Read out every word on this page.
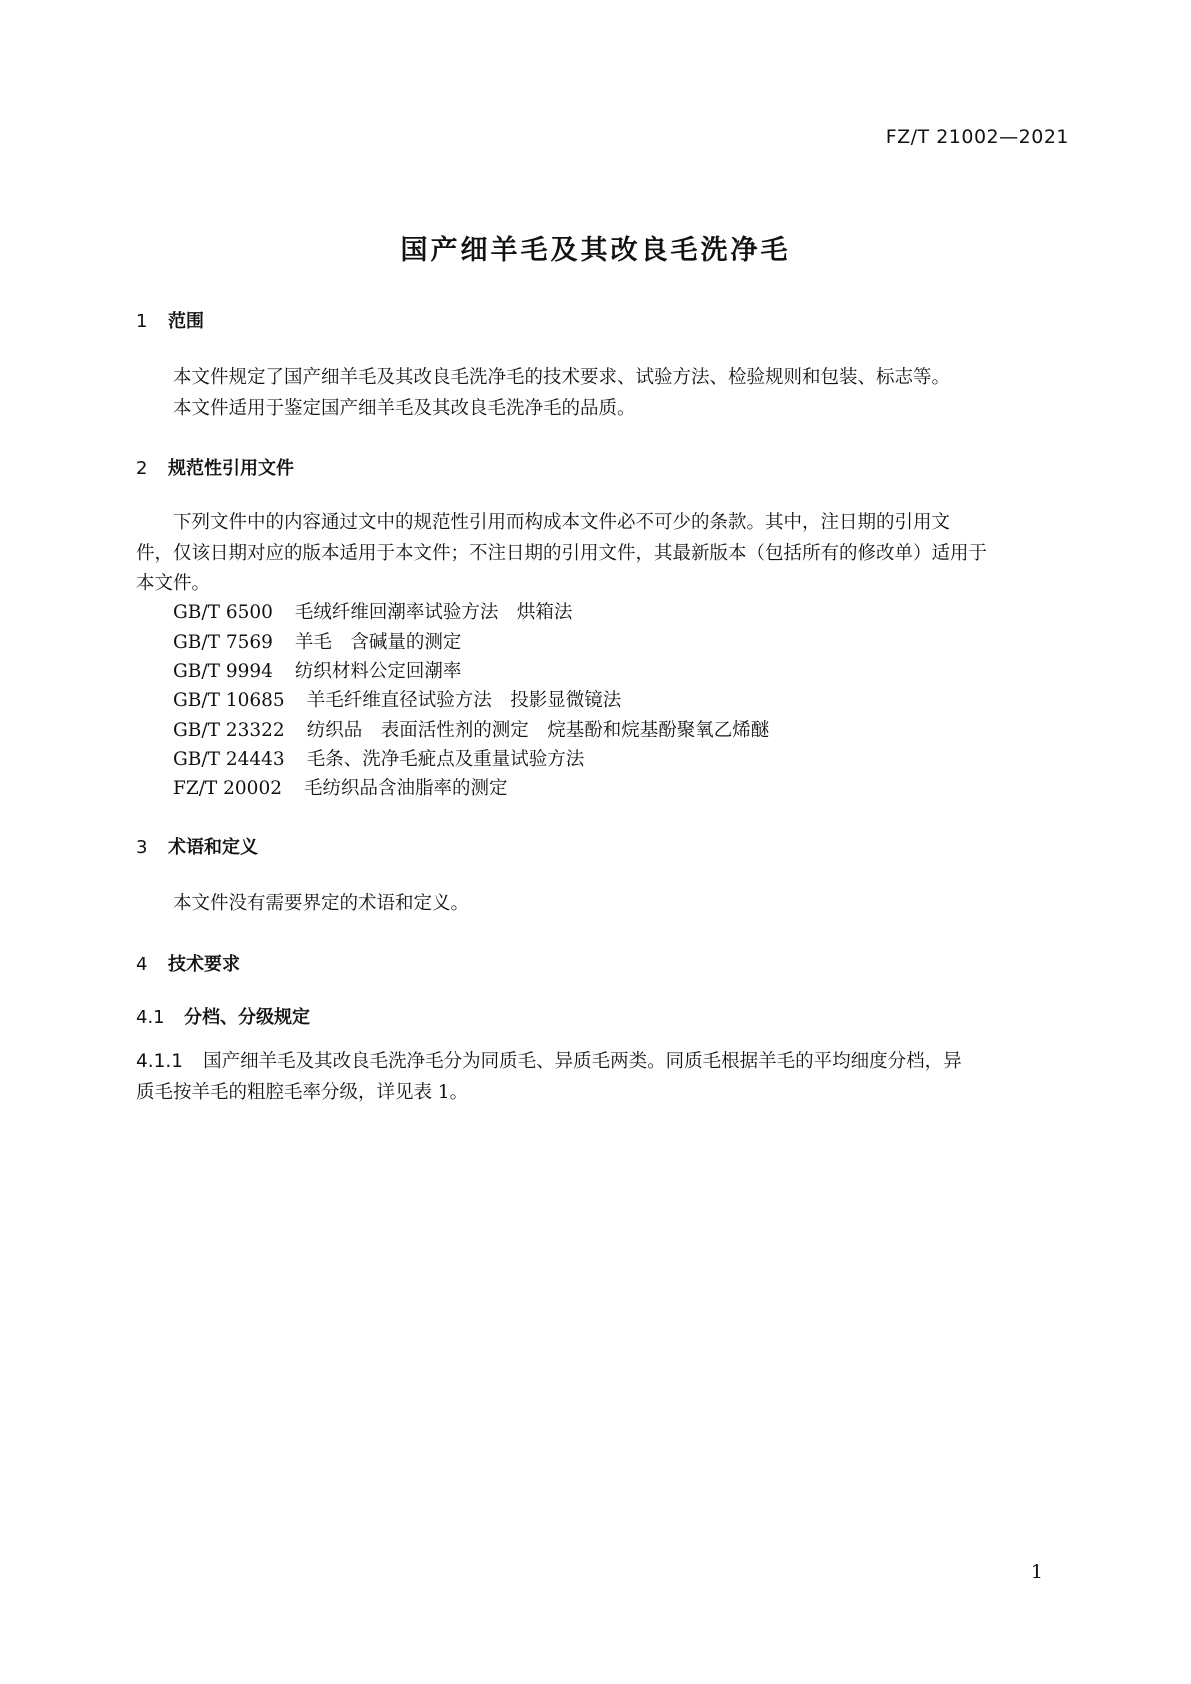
FZ/T 21002—2021
国产细羊毛及其改良毛洗净毛
1 范围
本文件规定了国产细羊毛及其改良毛洗净毛的技术要求、试验方法、检验规则和包装、标志等。
本文件适用于鉴定国产细羊毛及其改良毛洗净毛的品质。
2 规范性引用文件
下列文件中的内容通过文中的规范性引用而构成本文件必不可少的条款。其中，注日期的引用文
件，仅该日期对应的版本适用于本文件；不注日期的引用文件，其最新版本（包括所有的修改单）适用于
本文件。
GB/T 6500 毛绒纤维回潮率试验方法　烘箱法
GB/T 7569 羊毛　含碱量的测定
GB/T 9994 纺织材料公定回潮率
GB/T 10685 羊毛纤维直径试验方法　投影显微镜法
GB/T 23322 纺织品　表面活性剂的测定　烷基酚和烷基酚聚氧乙烯醚
GB/T 24443 毛条、洗净毛疵点及重量试验方法
FZ/T 20002 毛纺织品含油脂率的测定
3 术语和定义
本文件没有需要界定的术语和定义。
4 技术要求
4.1 分档、分级规定
4.1.1 国产细羊毛及其改良毛洗净毛分为同质毛、异质毛两类。同质毛根据羊毛的平均细度分档，异
质毛按羊毛的粗腔毛率分级，详见表 1。
1
